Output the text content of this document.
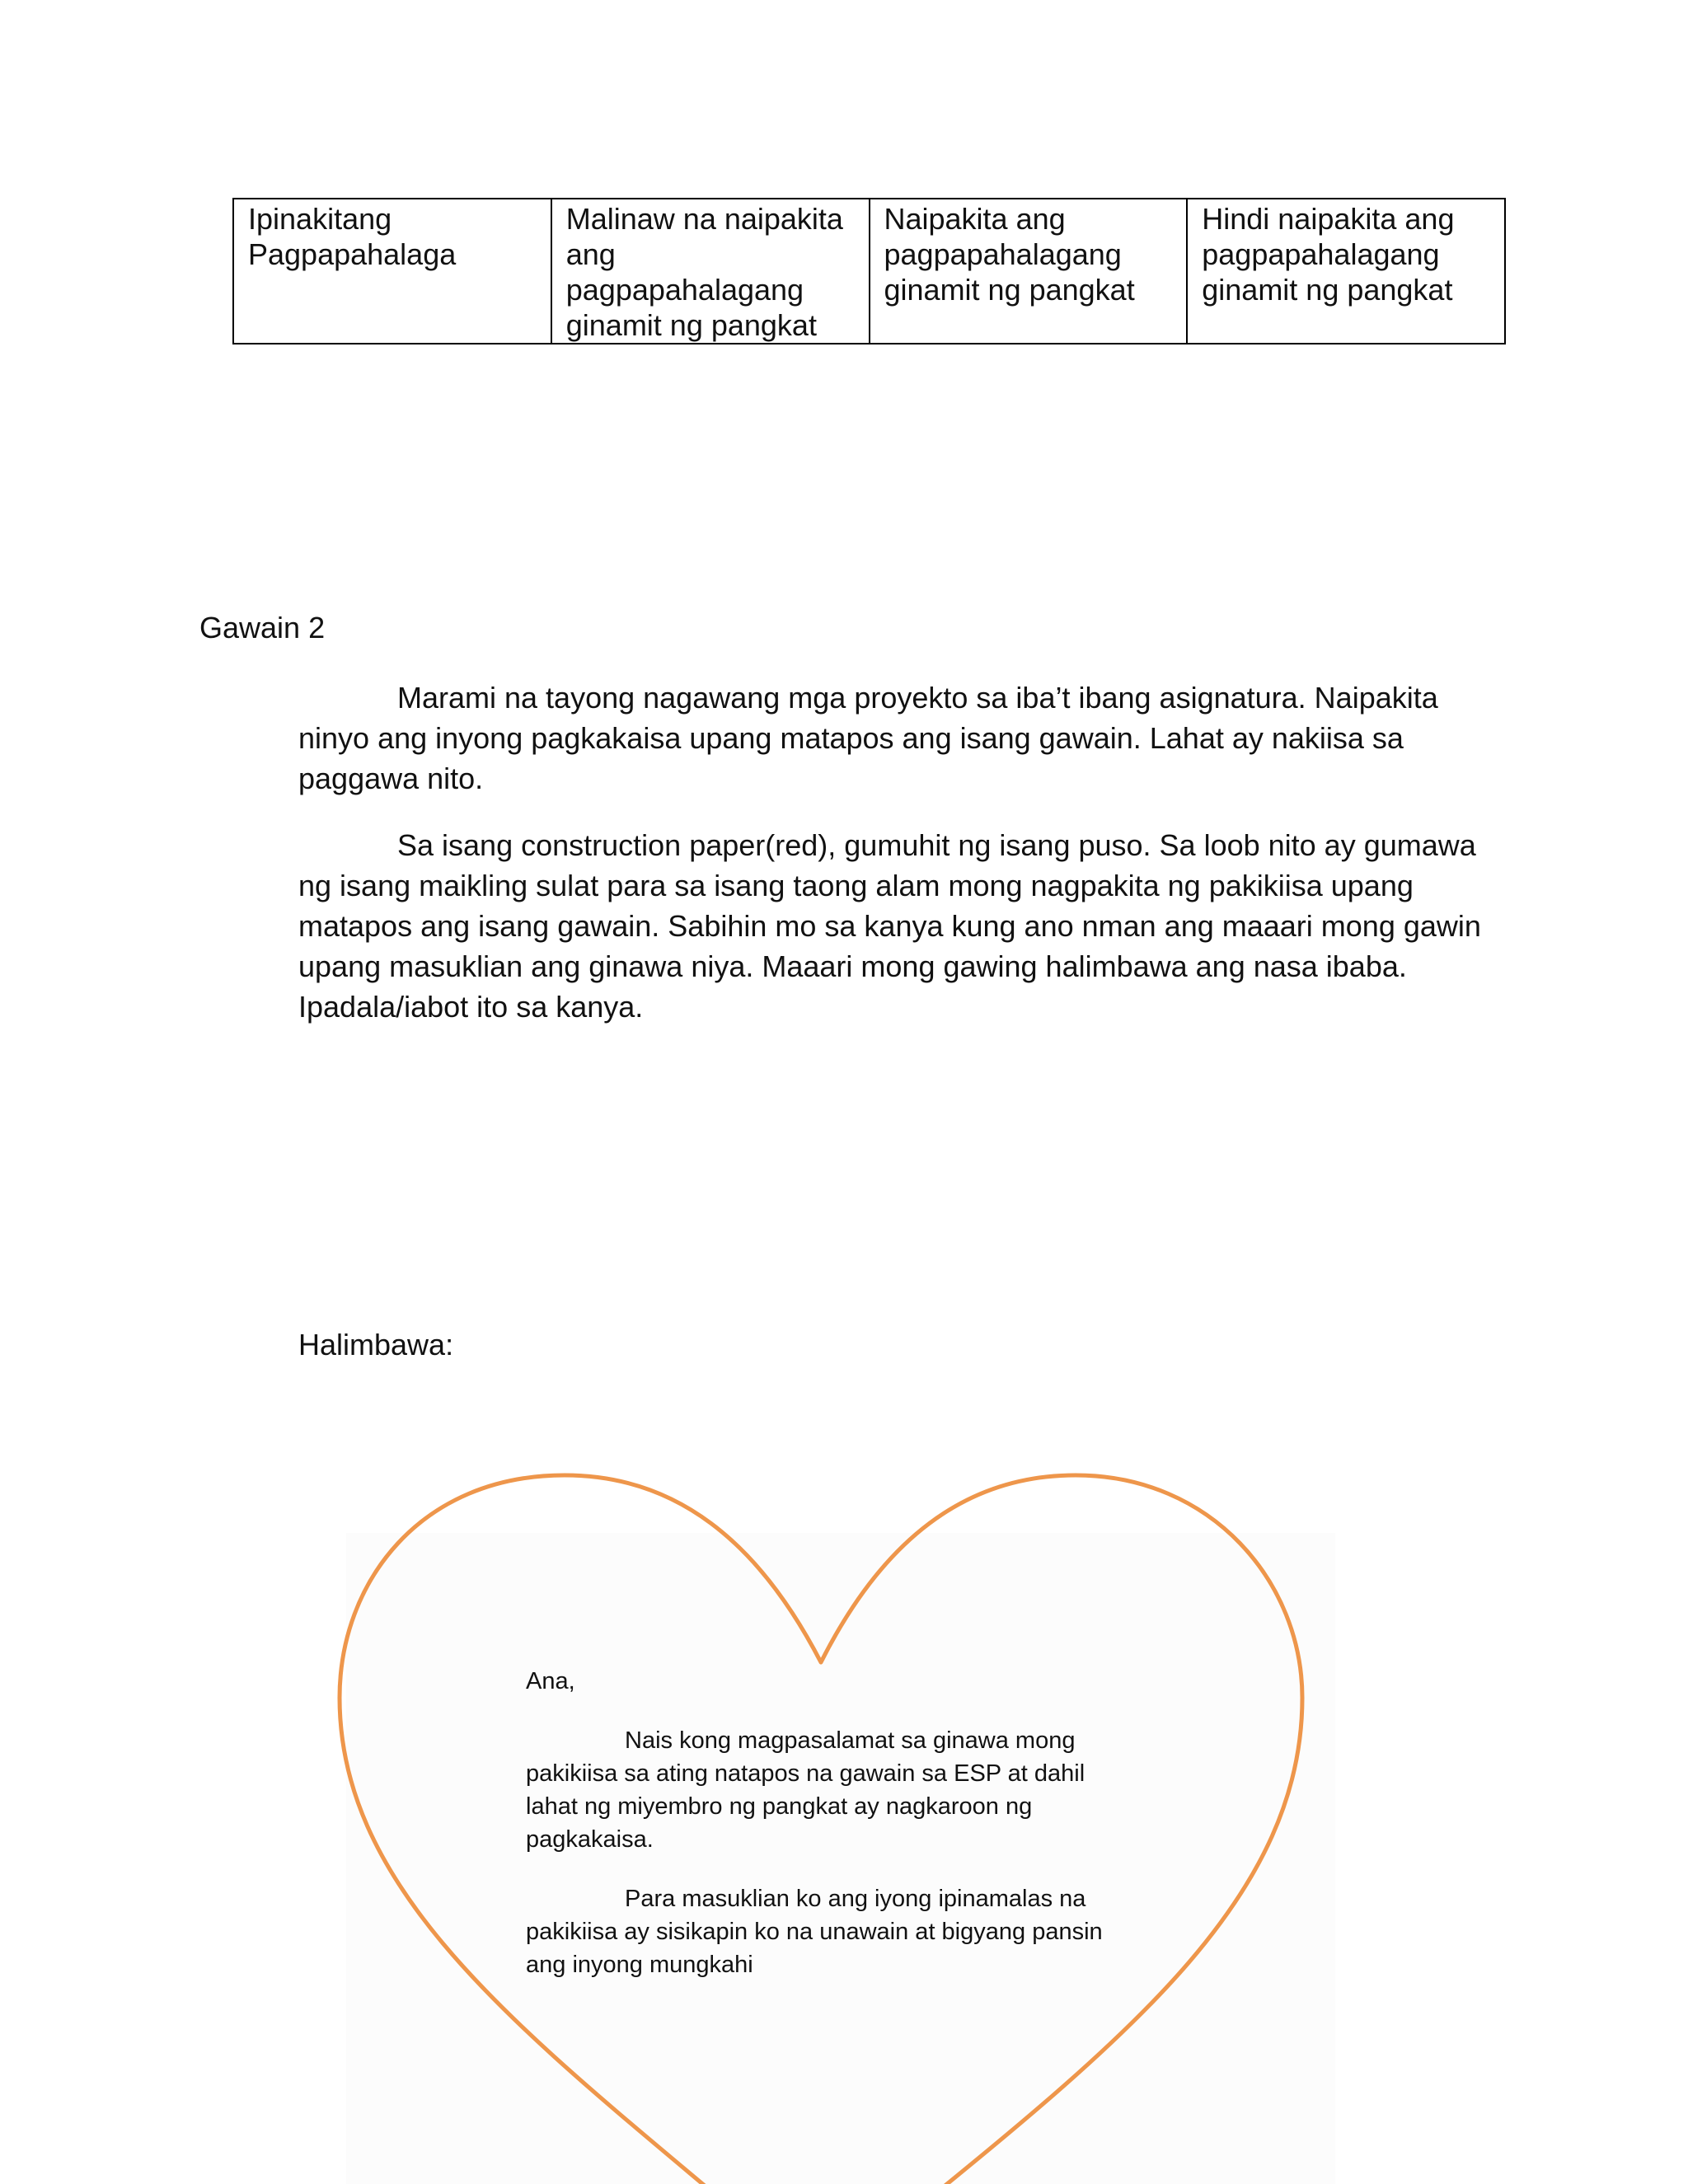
Ipinakitang Pagpapahalaga	Malinaw na naipakita ang pagpapahalagang ginamit ng pangkat	Naipakita ang pagpapahalagang ginamit ng pangkat	Hindi naipakita ang pagpapahalagang ginamit ng pangkat
Gawain 2

Marami na tayong nagawang mga proyekto sa iba’t ibang asignatura. Naipakita ninyo ang inyong pagkakaisa upang matapos ang isang gawain. Lahat ay nakiisa sa paggawa nito.

Sa isang construction paper(red), gumuhit ng isang puso. Sa loob nito ay gumawa ng isang maikling sulat para sa isang taong alam mong nagpakita ng pakikiisa upang matapos ang isang gawain. Sabihin mo sa kanya kung ano nman ang maaari mong gawin upang masuklian ang ginawa niya. Maaari mong gawing halimbawa ang nasa ibaba. Ipadala/iabot ito sa kanya.

Halimbawa:

Ana,

Nais kong magpasalamat sa ginawa mong pakikiisa sa ating natapos na gawain sa ESP at dahil lahat ng miyembro ng pangkat ay nagkaroon ng pagkakaisa.

Para masuklian ko ang iyong ipinamalas na pakikiisa ay sisikapin ko na unawain at bigyang pansin ang inyong mungkahi
